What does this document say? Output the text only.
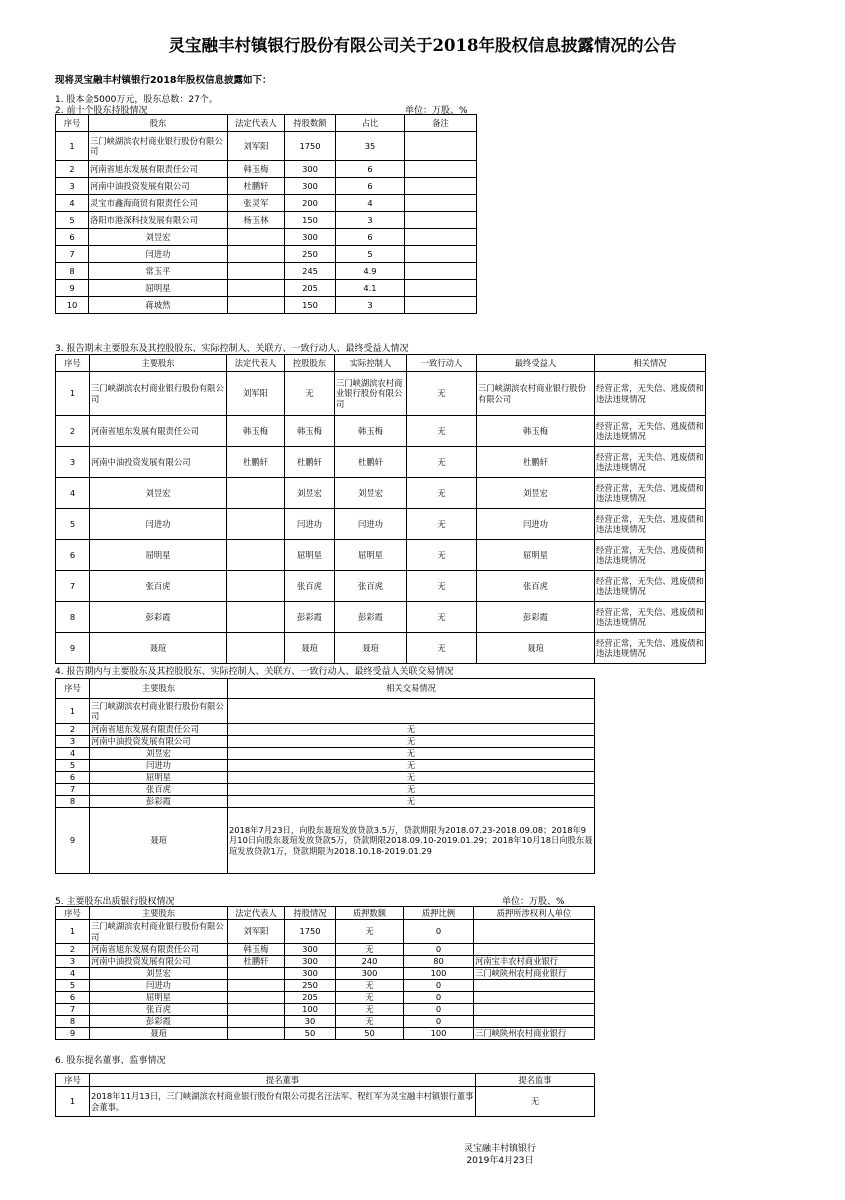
灵宝融丰村镇银行股份有限公司关于2018年股权信息披露情况的公告
现将灵宝融丰村镇银行2018年股权信息披露如下：
1. 股本金5000万元，股东总数：27个。
2. 前十个股东持股情况	单位：万股、%
序号	股东	法定代表人	持股数额	占比	备注
1	三门峡湖滨农村商业银行股份有限公司	刘军阳	1750	35	
2	河南省旭东发展有限责任公司	韩玉梅	300	6	
3	河南中油投资发展有限公司	杜鹏轩	300	6	
4	灵宝市鑫海商贸有限责任公司	张灵军	200	4	
5	洛阳市港深科技发展有限公司	杨玉林	150	3	
6	刘昱宏		300	6	
7	闫进功		250	5	
8	常玉平		245	4.9	
9	屈明星		205	4.1	
10	蒋坡然		150	3	
3. 报告期末主要股东及其控股股东、实际控制人、关联方、一致行动人、最终受益人情况
序号	主要股东	法定代表人	控股股东	实际控制人	一致行动人	最终受益人	相关情况
1	三门峡湖滨农村商业银行股份有限公司	刘军阳	无	三门峡湖滨农村商业银行股份有限公司	无	三门峡湖滨农村商业银行股份有限公司	经营正常，无失信、逃废债和违法违规情况
2	河南省旭东发展有限责任公司	韩玉梅	韩玉梅	韩玉梅	无	韩玉梅	经营正常，无失信、逃废债和违法违规情况
3	河南中油投资发展有限公司	杜鹏轩	杜鹏轩	杜鹏轩	无	杜鹏轩	经营正常，无失信、逃废债和违法违规情况
4	刘昱宏		刘昱宏	刘昱宏	无	刘昱宏	经营正常，无失信、逃废债和违法违规情况
5	闫进功		闫进功	闫进功	无	闫进功	经营正常，无失信、逃废债和违法违规情况
6	屈明星		屈明星	屈明星	无	屈明星	经营正常，无失信、逃废债和违法违规情况
7	张百虎		张百虎	张百虎	无	张百虎	经营正常，无失信、逃废债和违法违规情况
8	彭彩霞		彭彩霞	彭彩霞	无	彭彩霞	经营正常，无失信、逃废债和违法违规情况
9	聂瑄		聂瑄	聂瑄	无	聂瑄	经营正常，无失信、逃废债和违法违规情况
4. 报告期内与主要股东及其控股股东、实际控制人、关联方、一致行动人、最终受益人关联交易情况
序号	主要股东	相关交易情况
1	三门峡湖滨农村商业银行股份有限公司	
2	河南省旭东发展有限责任公司	无
3	河南中油投资发展有限公司	无
4	刘昱宏	无
5	闫进功	无
6	屈明星	无
7	张百虎	无
8	彭彩霞	无
9	聂瑄	2018年7月23日，向股东聂瑄发放贷款3.5万，贷款期限为2018.07.23-2018.09.08；2018年9月10日向股东聂瑄发放贷款5万，贷款期限2018.09.10-2019.01.29；2018年10月18日向股东聂瑄发放贷款1万，贷款期限为2018.10.18-2019.01.29
5. 主要股东出质银行股权情况	单位：万股、%
序号	主要股东	法定代表人	持股情况	质押数额	质押比例	质押所涉权利人单位
1	三门峡湖滨农村商业银行股份有限公司	刘军阳	1750	无	0	
2	河南省旭东发展有限责任公司	韩玉梅	300	无	0	
3	河南中油投资发展有限公司	杜鹏轩	300	240	80	河南宝丰农村商业银行
4	刘昱宏		300	300	100	三门峡陕州农村商业银行
5	闫进功		250	无	0	
6	屈明星		205	无	0	
7	张百虎		100	无	0	
8	彭彩霞		30	无	0	
9	聂瑄		50	50	100	三门峡陕州农村商业银行
6. 股东提名董事、监事情况
序号	提名董事	提名监事
1	2018年11月13日，三门峡湖滨农村商业银行股份有限公司提名汪法军、程红军为灵宝融丰村镇银行董事会董事。	无
灵宝融丰村镇银行
2019年4月23日
